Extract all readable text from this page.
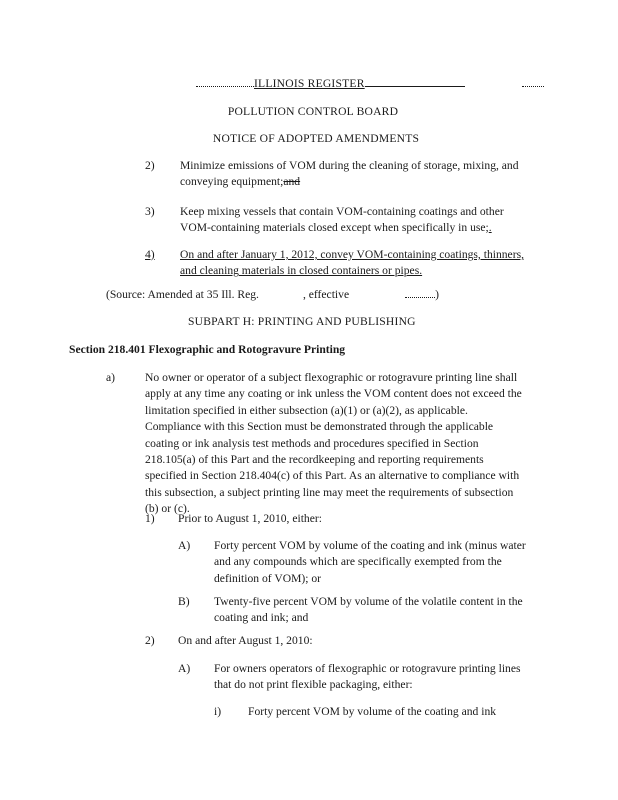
ILLINOIS REGISTER
POLLUTION CONTROL BOARD
NOTICE OF ADOPTED AMENDMENTS
2) Minimize emissions of VOM during the cleaning of storage, mixing, and
conveying equipment;and
3) Keep mixing vessels that contain VOM-containing coatings and other
VOM-containing materials closed except when specifically in use;.
4) On and after January 1, 2012, convey VOM-containing coatings, thinners,
and cleaning materials in closed containers or pipes.
(Source: Amended at 35 Ill. Reg.	, effective	)
SUBPART H: PRINTING AND PUBLISHING
Section 218.401 Flexographic and Rotogravure Printing
a)	No owner or operator of a subject flexographic or rotogravure printing line shall
apply at any time any coating or ink unless the VOM content does not exceed the
limitation specified in either subsection (a)(1) or (a)(2), as applicable.
Compliance with this Section must be demonstrated through the applicable
coating or ink analysis test methods and procedures specified in Section
218.105(a) of this Part and the recordkeeping and reporting requirements
specified in Section 218.404(c) of this Part. As an alternative to compliance with
this subsection, a subject printing line may meet the requirements of subsection
(b) or (c).
1) Prior to August 1, 2010, either:
A) Forty percent VOM by volume of the coating and ink (minus water
and any compounds which are specifically exempted from the
definition of VOM); or
B) Twenty-five percent VOM by volume of the volatile content in the
coating and ink; and
2) On and after August 1, 2010:
A) For owners operators of flexographic or rotogravure printing lines
that do not print flexible packaging, either:
i) Forty percent VOM by volume of the coating and ink
